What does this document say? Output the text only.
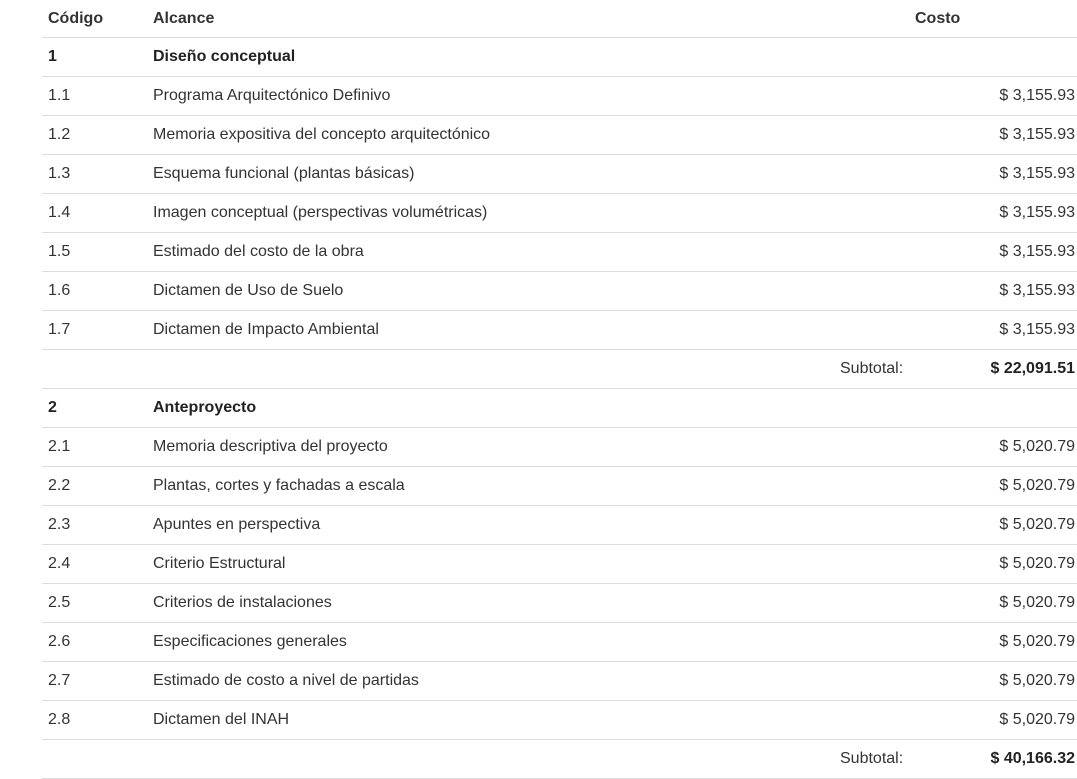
Código	Alcance		Costo
1	Diseño conceptual		
1.1	Programa Arquitectónico Definivo		$ 3,155.93
1.2	Memoria expositiva del concepto arquitectónico		$ 3,155.93
1.3	Esquema funcional (plantas básicas)		$ 3,155.93
1.4	Imagen conceptual (perspectivas volumétricas)		$ 3,155.93
1.5	Estimado del costo de la obra		$ 3,155.93
1.6	Dictamen de Uso de Suelo		$ 3,155.93
1.7	Dictamen de Impacto Ambiental		$ 3,155.93
		Subtotal:	$ 22,091.51
2	Anteproyecto		
2.1	Memoria descriptiva del proyecto		$ 5,020.79
2.2	Plantas, cortes y fachadas a escala		$ 5,020.79
2.3	Apuntes en perspectiva		$ 5,020.79
2.4	Criterio Estructural		$ 5,020.79
2.5	Criterios de instalaciones		$ 5,020.79
2.6	Especificaciones generales		$ 5,020.79
2.7	Estimado de costo a nivel de partidas		$ 5,020.79
2.8	Dictamen del INAH		$ 5,020.79
		Subtotal:	$ 40,166.32
